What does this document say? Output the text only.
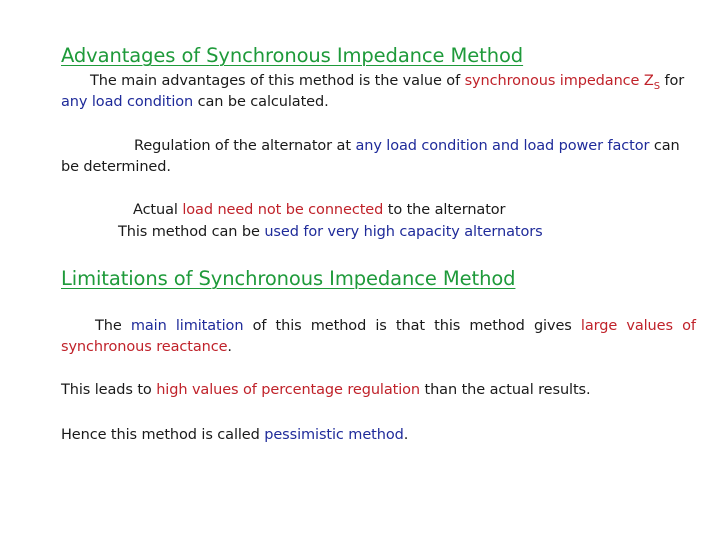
Advantages of Synchronous Impedance Method
The main advantages of this method is the value of synchronous impedance $Z_S$ for
any load condition can be calculated.
Regulation of the alternator at any load condition and load power factor can
be determined.
Actual load need not be connected to the alternator
This method can be used for very high capacity alternators
Limitations of Synchronous Impedance Method
The main limitation of this method is that this method gives large values of
synchronous reactance.
This leads to high values of percentage regulation than the actual results.
Hence this method is called pessimistic method.
